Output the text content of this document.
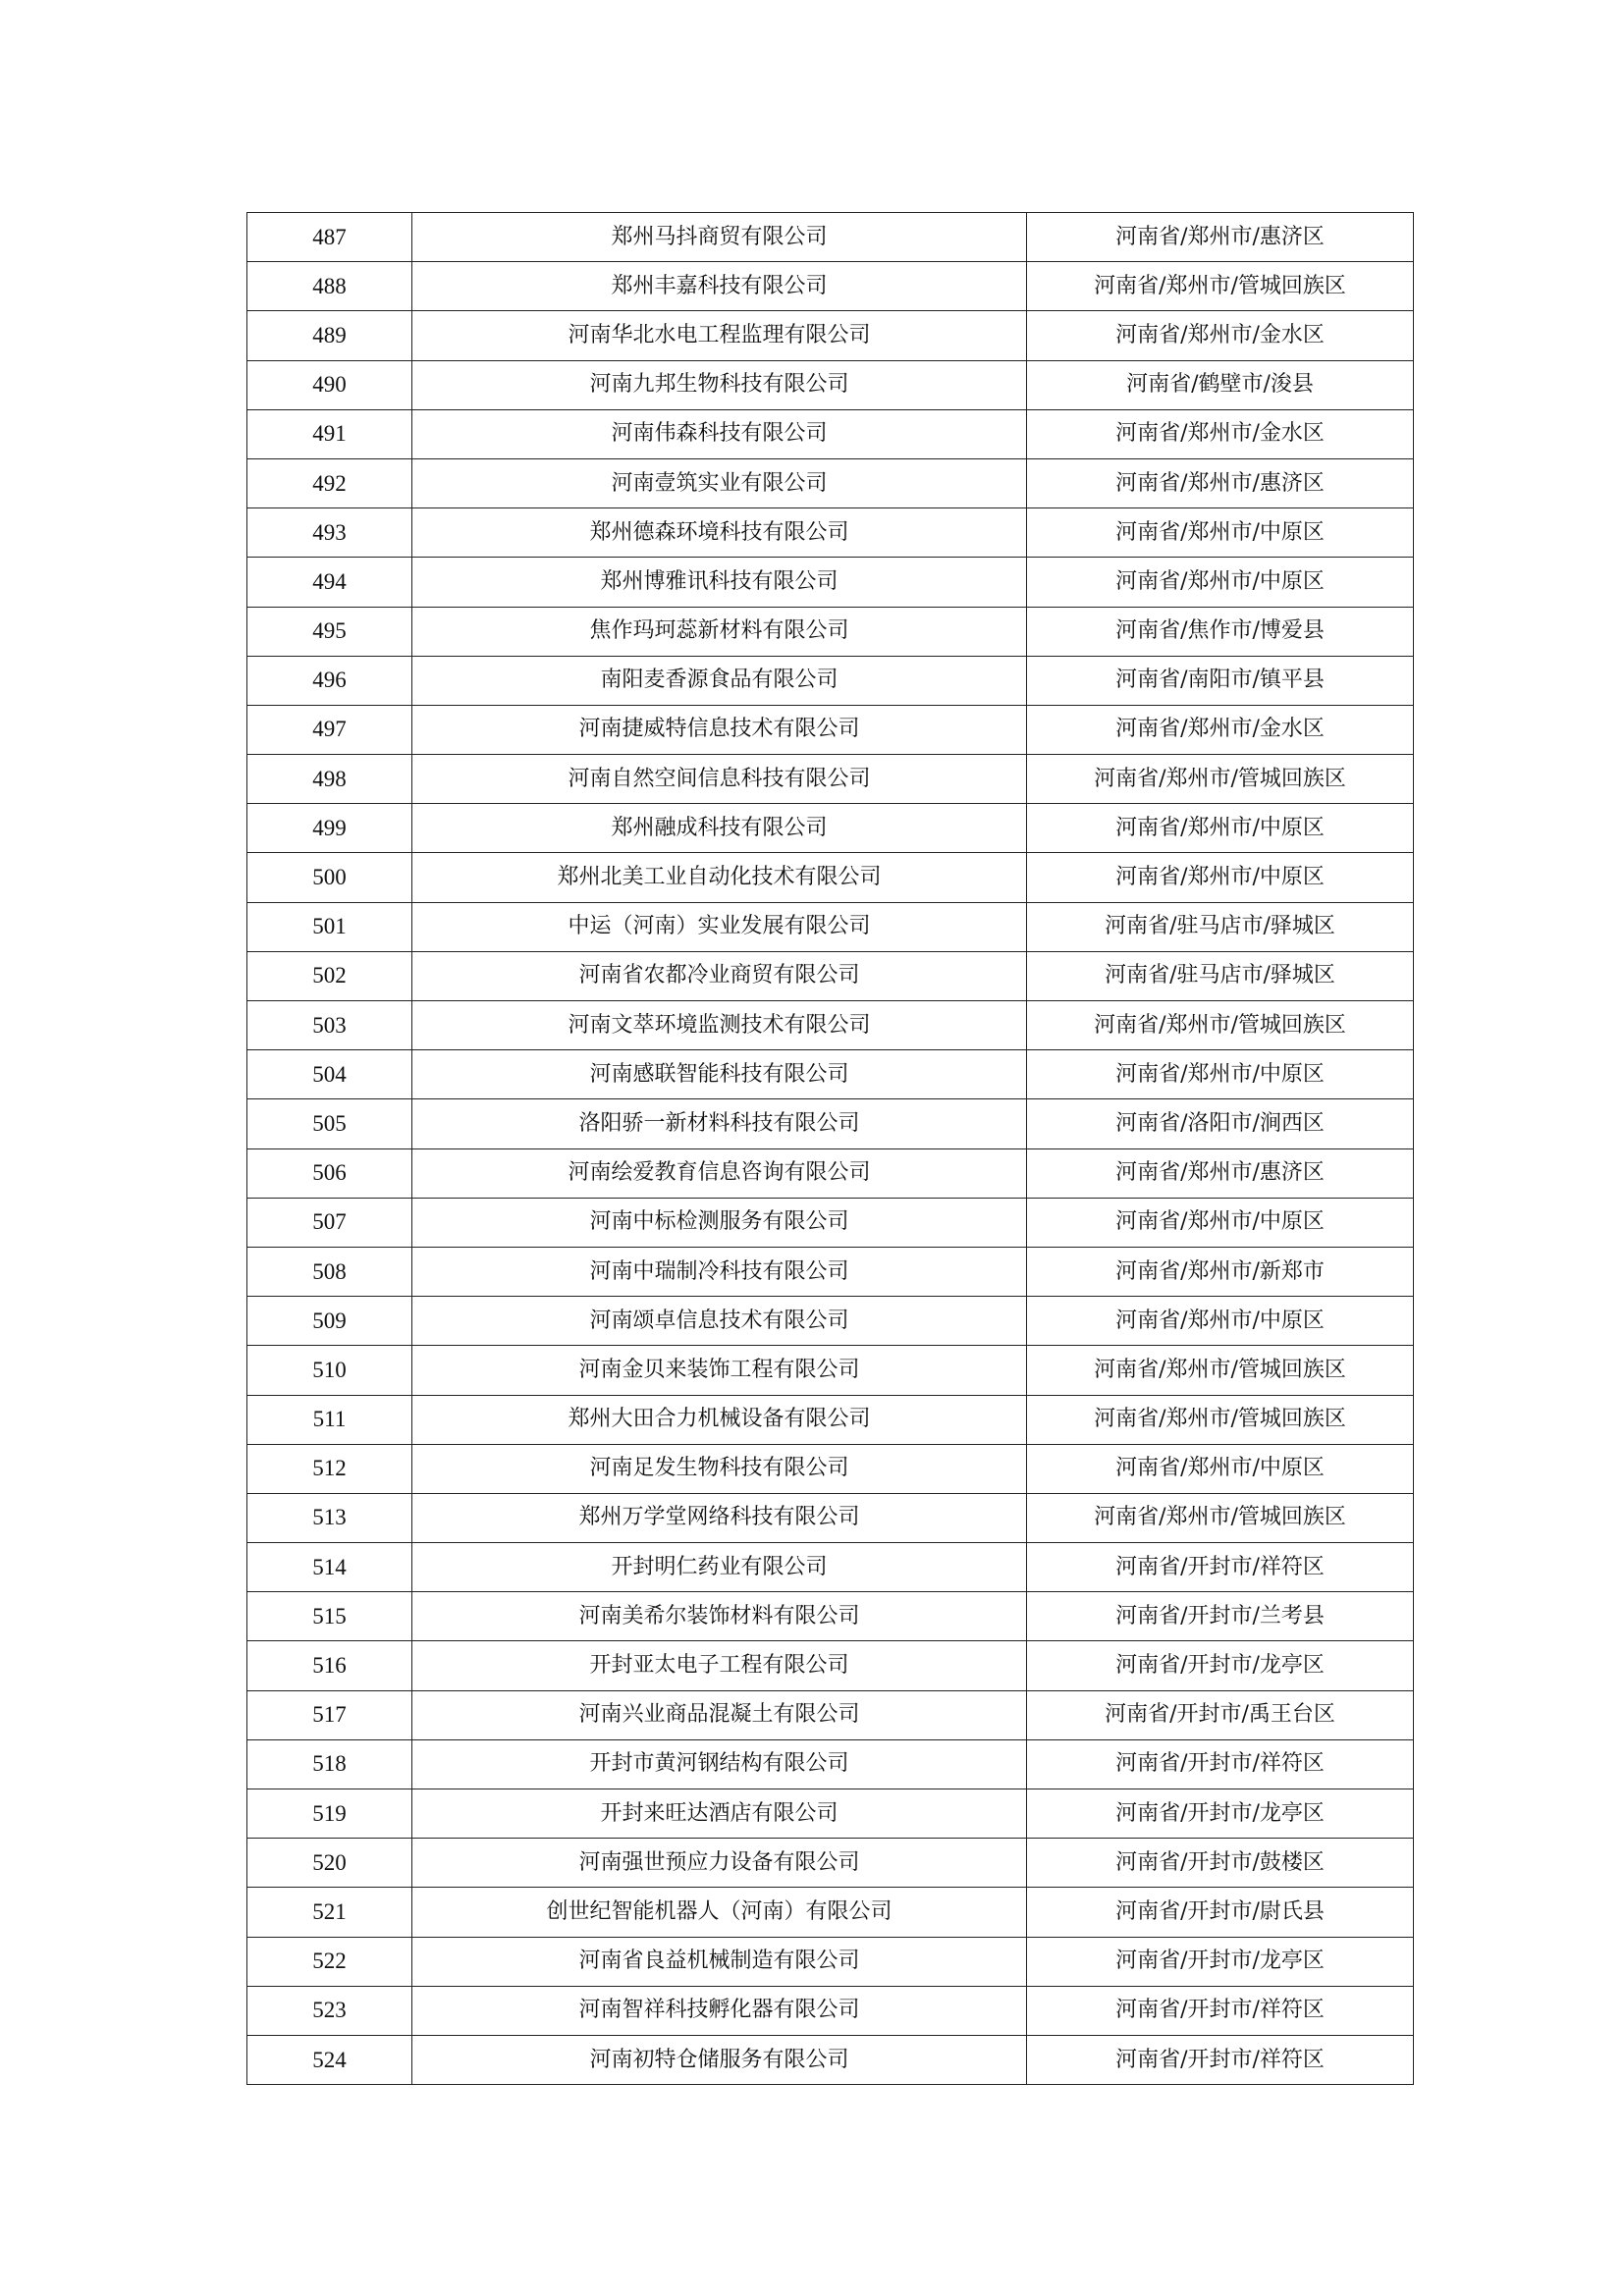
487	郑州马抖商贸有限公司	河南省/郑州市/惠济区
488	郑州丰嘉科技有限公司	河南省/郑州市/管城回族区
489	河南华北水电工程监理有限公司	河南省/郑州市/金水区
490	河南九邦生物科技有限公司	河南省/鹤壁市/浚县
491	河南伟森科技有限公司	河南省/郑州市/金水区
492	河南壹筑实业有限公司	河南省/郑州市/惠济区
493	郑州德森环境科技有限公司	河南省/郑州市/中原区
494	郑州博雅讯科技有限公司	河南省/郑州市/中原区
495	焦作玛珂蕊新材料有限公司	河南省/焦作市/博爱县
496	南阳麦香源食品有限公司	河南省/南阳市/镇平县
497	河南捷威特信息技术有限公司	河南省/郑州市/金水区
498	河南自然空间信息科技有限公司	河南省/郑州市/管城回族区
499	郑州融成科技有限公司	河南省/郑州市/中原区
500	郑州北美工业自动化技术有限公司	河南省/郑州市/中原区
501	中运（河南）实业发展有限公司	河南省/驻马店市/驿城区
502	河南省农都冷业商贸有限公司	河南省/驻马店市/驿城区
503	河南文萃环境监测技术有限公司	河南省/郑州市/管城回族区
504	河南感联智能科技有限公司	河南省/郑州市/中原区
505	洛阳骄一新材料科技有限公司	河南省/洛阳市/涧西区
506	河南绘爱教育信息咨询有限公司	河南省/郑州市/惠济区
507	河南中标检测服务有限公司	河南省/郑州市/中原区
508	河南中瑞制冷科技有限公司	河南省/郑州市/新郑市
509	河南颂卓信息技术有限公司	河南省/郑州市/中原区
510	河南金贝来装饰工程有限公司	河南省/郑州市/管城回族区
511	郑州大田合力机械设备有限公司	河南省/郑州市/管城回族区
512	河南足发生物科技有限公司	河南省/郑州市/中原区
513	郑州万学堂网络科技有限公司	河南省/郑州市/管城回族区
514	开封明仁药业有限公司	河南省/开封市/祥符区
515	河南美希尔装饰材料有限公司	河南省/开封市/兰考县
516	开封亚太电子工程有限公司	河南省/开封市/龙亭区
517	河南兴业商品混凝土有限公司	河南省/开封市/禹王台区
518	开封市黄河钢结构有限公司	河南省/开封市/祥符区
519	开封来旺达酒店有限公司	河南省/开封市/龙亭区
520	河南强世预应力设备有限公司	河南省/开封市/鼓楼区
521	创世纪智能机器人（河南）有限公司	河南省/开封市/尉氏县
522	河南省良益机械制造有限公司	河南省/开封市/龙亭区
523	河南智祥科技孵化器有限公司	河南省/开封市/祥符区
524	河南初特仓储服务有限公司	河南省/开封市/祥符区
